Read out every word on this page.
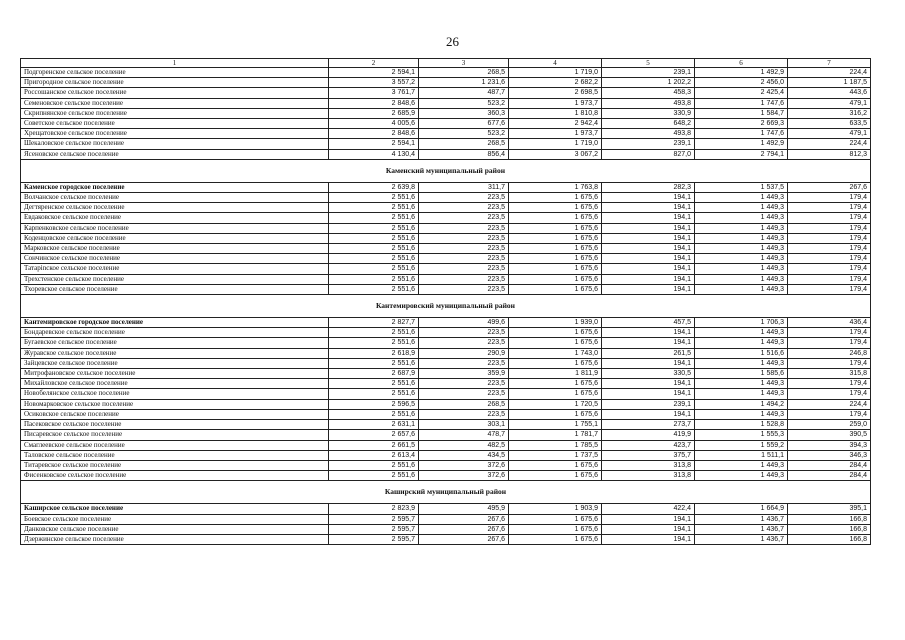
26
1	2	3	4	5	6	7
Подгоренское сельское поселение	2 594,1	268,5	1 719,0	239,1	1 492,9	224,4
Пригородное сельское поселение	3 557,2	1 231,6	2 682,2	1 202,2	2 456,0	1 187,5
Россошанское сельское поселение	3 761,7	487,7	2 698,5	458,3	2 425,4	443,6
Семеновское сельское поселение	2 848,6	523,2	1 973,7	493,8	1 747,6	479,1
Скрипнянское сельское поселение	2 685,9	360,3	1 810,8	330,9	1 584,7	316,2
Советское сельское поселение	4 005,6	677,6	2 942,4	648,2	2 669,3	633,5
Хрещатовское сельское поселение	2 848,6	523,2	1 973,7	493,8	1 747,6	479,1
Шекаловское сельское поселение	2 594,1	268,5	1 719,0	239,1	1 492,9	224,4
Ясеновское сельское поселение	4 130,4	856,4	3 067,2	827,0	2 794,1	812,3
Каменский муниципальный район						
Каменское городское поселение	2 639,8	311,7	1 763,8	282,3	1 537,5	267,6
Волчанское сельское поселение	2 551,6	223,5	1 675,6	194,1	1 449,3	179,4
Дегтяренское сельское поселение	2 551,6	223,5	1 675,6	194,1	1 449,3	179,4
Евдаковское сельское поселение	2 551,6	223,5	1 675,6	194,1	1 449,3	179,4
Карпенковское сельское поселение	2 551,6	223,5	1 675,6	194,1	1 449,3	179,4
Коденцовское сельское поселение	2 551,6	223,5	1 675,6	194,1	1 449,3	179,4
Марковское сельское поселение	2 551,6	223,5	1 675,6	194,1	1 449,3	179,4
Сончинское сельское поселение	2 551,6	223,5	1 675,6	194,1	1 449,3	179,4
Татарinское сельское поселение	2 551,6	223,5	1 675,6	194,1	1 449,3	179,4
Трехстенское сельское поселение	2 551,6	223,5	1 675,6	194,1	1 449,3	179,4
Тхоревское сельское поселение	2 551,6	223,5	1 675,6	194,1	1 449,3	179,4
Кантемировский муниципальный район						
Кантемировское городское поселение	2 827,7	499,6	1 939,0	457,5	1 706,3	436,4
Бондаревское сельское поселение	2 551,6	223,5	1 675,6	194,1	1 449,3	179,4
Бугаевское сельское поселение	2 551,6	223,5	1 675,6	194,1	1 449,3	179,4
Журавское сельское поселение	2 618,9	290,9	1 743,0	261,5	1 516,6	246,8
Зайцевское сельское поселение	2 551,6	223,5	1 675,6	194,1	1 449,3	179,4
Митрофановское сельское поселение	2 687,9	359,9	1 811,9	330,5	1 585,6	315,8
Михайловское сельское поселение	2 551,6	223,5	1 675,6	194,1	1 449,3	179,4
Новобелянское сельское поселение	2 551,6	223,5	1 675,6	194,1	1 449,3	179,4
Новомарковское сельское поселение	2 596,5	268,5	1 720,5	239,1	1 494,2	224,4
Осиковское сельское поселение	2 551,6	223,5	1 675,6	194,1	1 449,3	179,4
Пасековское сельское поселение	2 631,1	303,1	1 755,1	273,7	1 528,8	259,0
Писаревское сельское поселение	2 657,6	478,7	1 781,7	419,9	1 555,3	390,5
Смаглеевское сельское поселение	2 661,5	482,5	1 785,5	423,7	1 559,2	394,3
Таловское сельское поселение	2 613,4	434,5	1 737,5	375,7	1 511,1	346,3
Титаревское сельское поселение	2 551,6	372,6	1 675,6	313,8	1 449,3	284,4
Фисенковское сельское поселение	2 551,6	372,6	1 675,6	313,8	1 449,3	284,4
Каширский муниципальный район						
Каширское сельское поселение	2 823,9	495,9	1 903,9	422,4	1 664,9	395,1
Боевское сельское поселение	2 595,7	267,6	1 675,6	194,1	1 436,7	166,8
Данковское сельское поселение	2 595,7	267,6	1 675,6	194,1	1 436,7	166,8
Дзержинское сельское поселение	2 595,7	267,6	1 675,6	194,1	1 436,7	166,8
